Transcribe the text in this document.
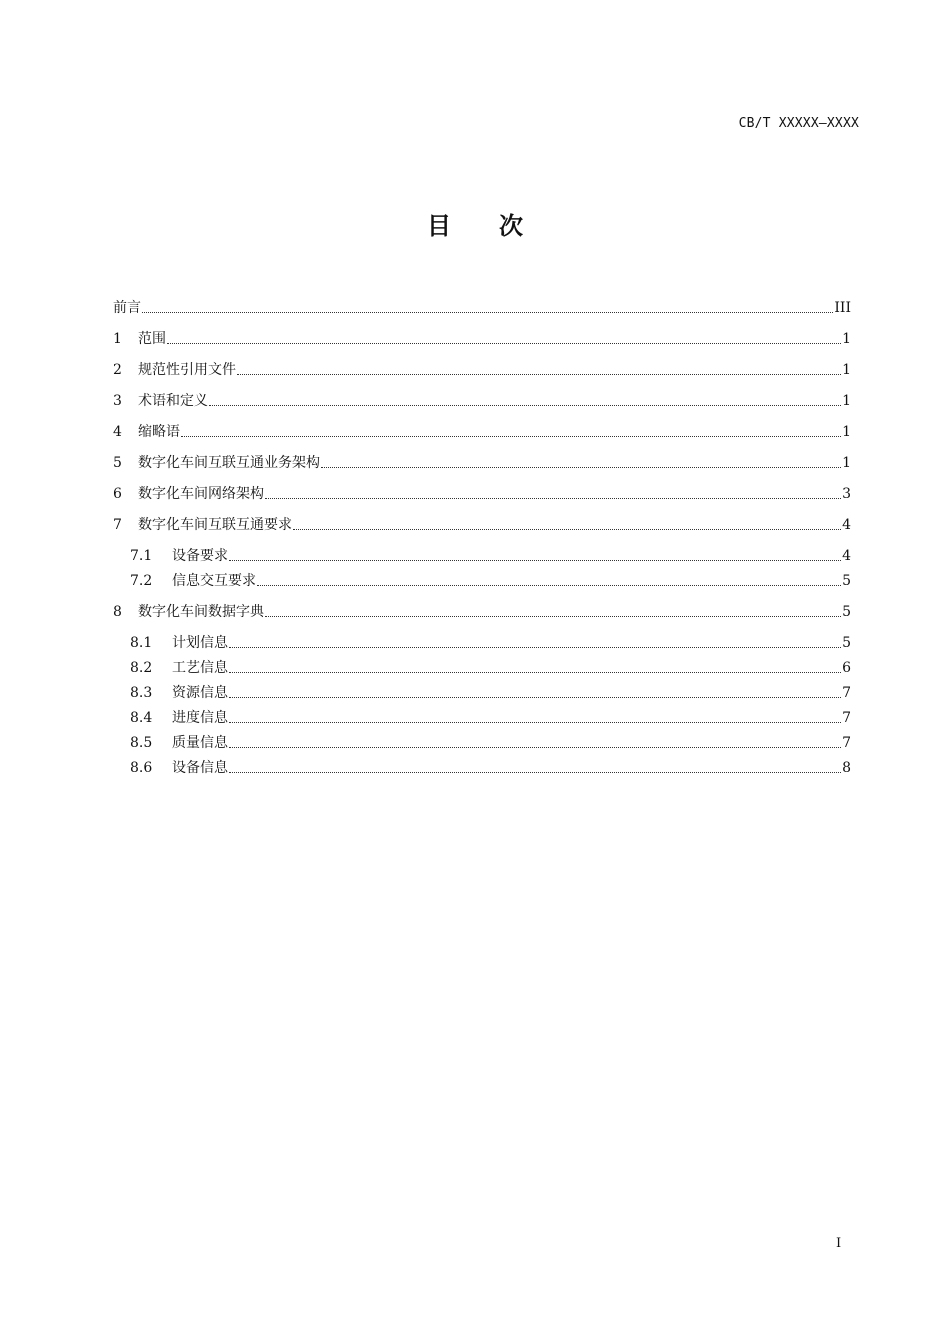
CB/T XXXXX—XXXX
目 次
前言	III
1	范围	1
2	规范性引用文件	1
3	术语和定义	1
4	缩略语	1
5	数字化车间互联互通业务架构	1
6	数字化车间网络架构	3
7	数字化车间互联互通要求	4
7.1	设备要求	4
7.2	信息交互要求	5
8	数字化车间数据字典	5
8.1	计划信息	5
8.2	工艺信息	6
8.3	资源信息	7
8.4	进度信息	7
8.5	质量信息	7
8.6	设备信息	8
I
